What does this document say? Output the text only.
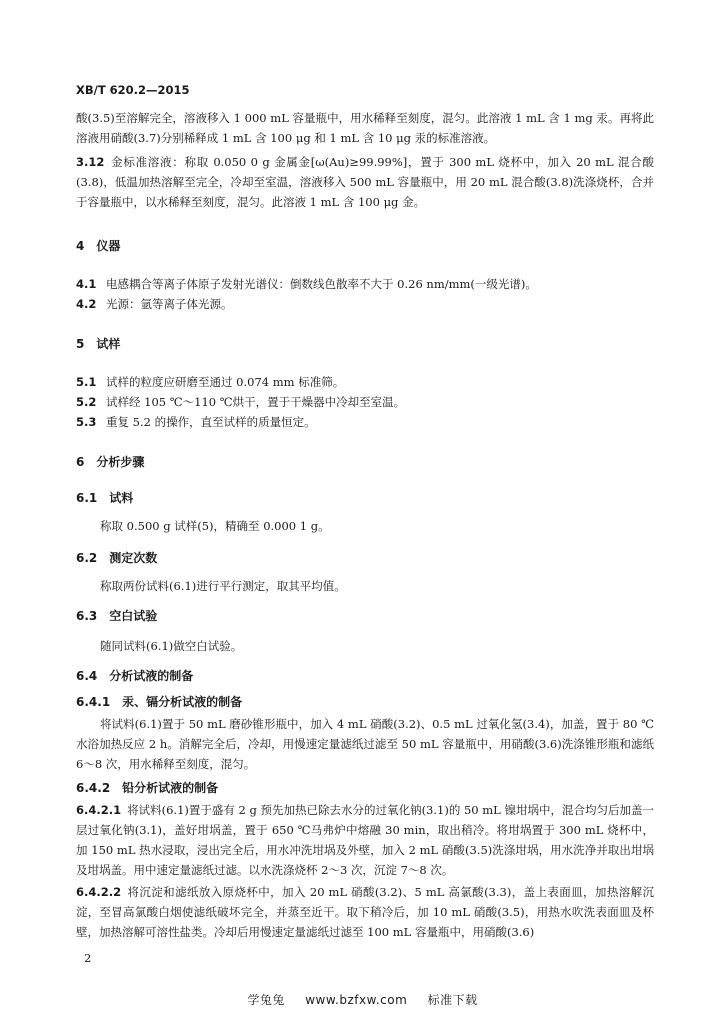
XB/T 620.2—2015

酸(3.5)至溶解完全，溶液移入 1 000 mL 容量瓶中，用水稀释至刻度，混匀。此溶液 1 mL 含 1 mg 汞。再将此溶液用硝酸(3.7)分别稀释成 1 mL 含 100 μg 和 1 mL 含 10 μg 汞的标准溶液。

3.12 金标准溶液：称取 0.050 0 g 金属金[ω(Au)≥99.99%]，置于 300 mL 烧杯中，加入 20 mL 混合酸(3.8)，低温加热溶解至完全，冷却至室温，溶液移入 500 mL 容量瓶中，用 20 mL 混合酸(3.8)洗涤烧杯，合并于容量瓶中，以水稀释至刻度，混匀。此溶液 1 mL 含 100 μg 金。

4　仪器

4.1 电感耦合等离子体原子发射光谱仪：倒数线色散率不大于 0.26 nm/mm(一级光谱)。

4.2 光源：氩等离子体光源。

5　试样

5.1 试样的粒度应研磨至通过 0.074 mm 标准筛。

5.2 试样经 105 ℃～110 ℃烘干，置于干燥器中冷却至室温。

5.3 重复 5.2 的操作，直至试样的质量恒定。

6　分析步骤

6.1　试料

称取 0.500 g 试样(5)，精确至 0.000 1 g。

6.2　测定次数

称取两份试料(6.1)进行平行测定，取其平均值。

6.3　空白试验

随同试料(6.1)做空白试验。

6.4　分析试液的制备

6.4.1　汞、镉分析试液的制备

将试料(6.1)置于 50 mL 磨砂锥形瓶中，加入 4 mL 硝酸(3.2)、0.5 mL 过氧化氢(3.4)，加盖，置于 80 ℃水浴加热反应 2 h。消解完全后，冷却，用慢速定量滤纸过滤至 50 mL 容量瓶中，用硝酸(3.6)洗涤锥形瓶和滤纸 6～8 次，用水稀释至刻度，混匀。

6.4.2　铅分析试液的制备

6.4.2.1 将试料(6.1)置于盛有 2 g 预先加热已除去水分的过氧化钠(3.1)的 50 mL 镍坩埚中，混合均匀后加盖一层过氧化钠(3.1)，盖好坩埚盖，置于 650 ℃马弗炉中熔融 30 min，取出稍冷。将坩埚置于 300 mL 烧杯中，加 150 mL 热水浸取，浸出完全后，用水冲洗坩埚及外壁，加入 2 mL 硝酸(3.5)洗涤坩埚，用水洗净并取出坩埚及坩埚盖。用中速定量滤纸过滤。以水洗涤烧杯 2～3 次，沉淀 7～8 次。

6.4.2.2 将沉淀和滤纸放入原烧杯中，加入 20 mL 硝酸(3.2)、5 mL 高氯酸(3.3)，盖上表面皿，加热溶解沉淀，至冒高氯酸白烟使滤纸破坏完全，并蒸至近干。取下稍冷后，加 10 mL 硝酸(3.5)，用热水吹洗表面皿及杯壁，加热溶解可溶性盐类。冷却后用慢速定量滤纸过滤至 100 mL 容量瓶中，用硝酸(3.6)

2
学兔兔 www.bzfxw.com 标准下载
